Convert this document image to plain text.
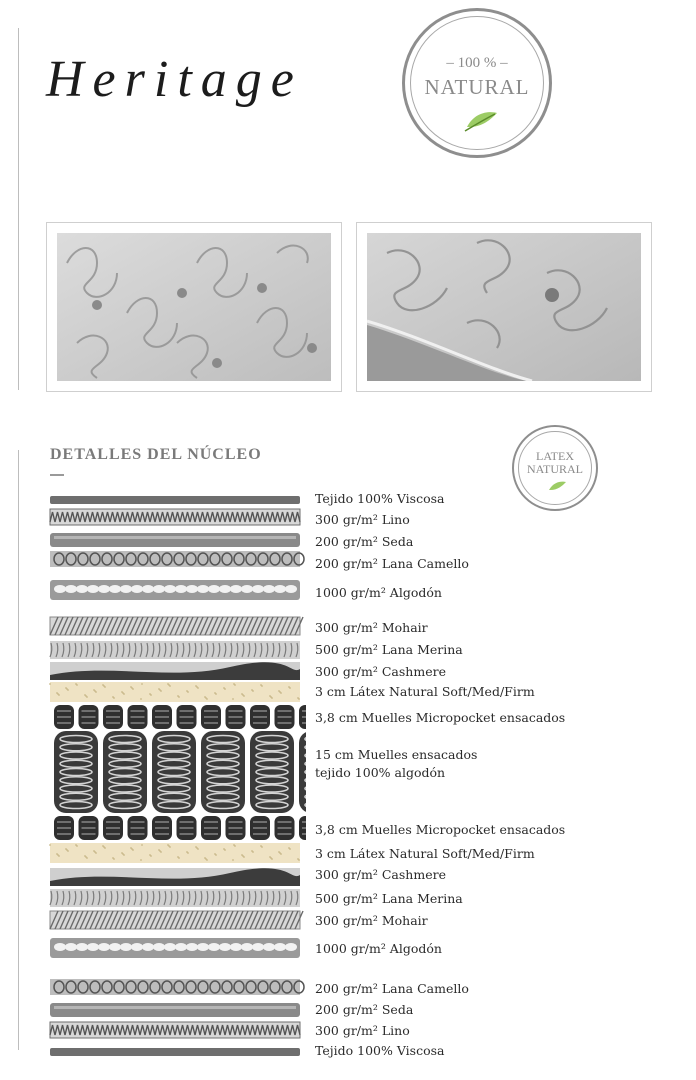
Heritage	– 100 % –
NATURAL
DETALLES DEL NÚCLEO	LATEX
NATURAL
Tejido 100% Viscosa
300 gr/m² Lino
200 gr/m² Seda
200 gr/m² Lana Camello
1000 gr/m² Algodón
300 gr/m² Mohair
500 gr/m² Lana Merina
300 gr/m² Cashmere
3 cm Látex Natural Soft/Med/Firm
3,8 cm Muelles Micropocket ensacados
15 cm Muelles ensacados
tejido 100% algodón
3,8 cm Muelles Micropocket ensacados
3 cm Látex Natural Soft/Med/Firm
300 gr/m² Cashmere
500 gr/m² Lana Merina
300 gr/m² Mohair
1000 gr/m² Algodón
200 gr/m² Lana Camello
200 gr/m² Seda
300 gr/m² Lino
Tejido 100% Viscosa
